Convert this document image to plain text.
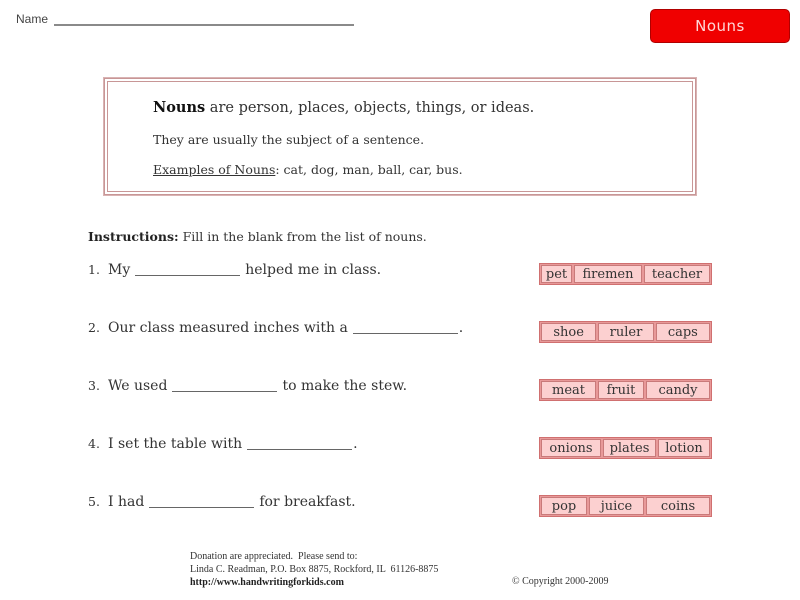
Name	Nouns
Nouns are person, places, objects, things, or ideas.
They are usually the subject of a sentence.
Examples of Nouns: cat, dog, man, ball, car, bus.
Instructions: Fill in the blank from the list of nouns.
1. My	helped me in class.	pet	firemen	teacher
2. Our class measured inches with a	.	shoe	ruler	caps
3. We used	to make the stew.	meat	fruit	candy
4. I set the table with	.	onions	plates	lotion
5. I had	for breakfast.	pop	juice	coins
Donation are appreciated.  Please send to:
Linda C. Readman, P.O. Box 8875, Rockford, IL  61126-8875
http://www.handwritingforkids.com	© Copyright 2000-2009
